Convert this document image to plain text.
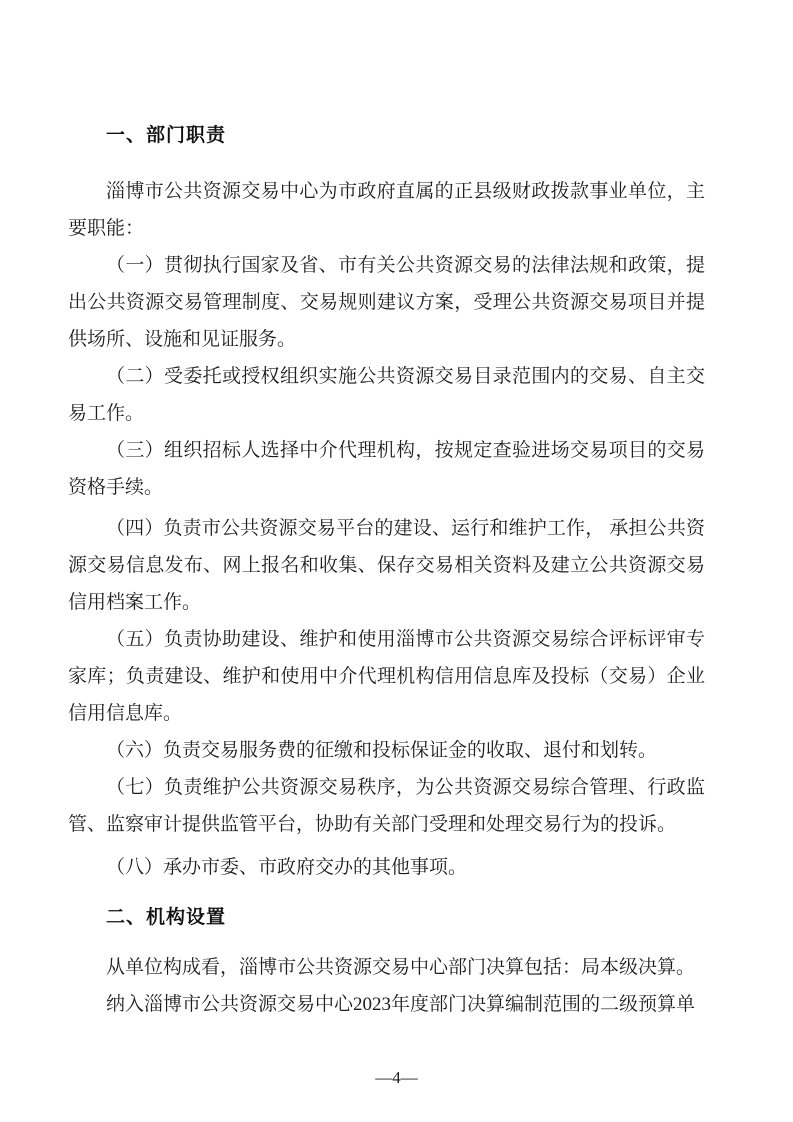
一、部门职责

淄博市公共资源交易中心为市政府直属的正县级财政拨款事业单位，主要职能：

（一）贯彻执行国家及省、市有关公共资源交易的法律法规和政策，提出公共资源交易管理制度、交易规则建议方案，受理公共资源交易项目并提供场所、设施和见证服务。

（二）受委托或授权组织实施公共资源交易目录范围内的交易、自主交易工作。

（三）组织招标人选择中介代理机构，按规定查验进场交易项目的交易资格手续。

（四）负责市公共资源交易平台的建设、运行和维护工作， 承担公共资源交易信息发布、网上报名和收集、保存交易相关资料及建立公共资源交易信用档案工作。

（五）负责协助建设、维护和使用淄博市公共资源交易综合评标评审专家库；负责建设、维护和使用中介代理机构信用信息库及投标（交易）企业信用信息库。

（六）负责交易服务费的征缴和投标保证金的收取、退付和划转。

（七）负责维护公共资源交易秩序，为公共资源交易综合管理、行政监管、监察审计提供监管平台，协助有关部门受理和处理交易行为的投诉。

（八）承办市委、市政府交办的其他事项。

二、机构设置

从单位构成看，淄博市公共资源交易中心部门决算包括：局本级决算。

纳入淄博市公共资源交易中心2023年度部门决算编制范围的二级预算单

—4—
